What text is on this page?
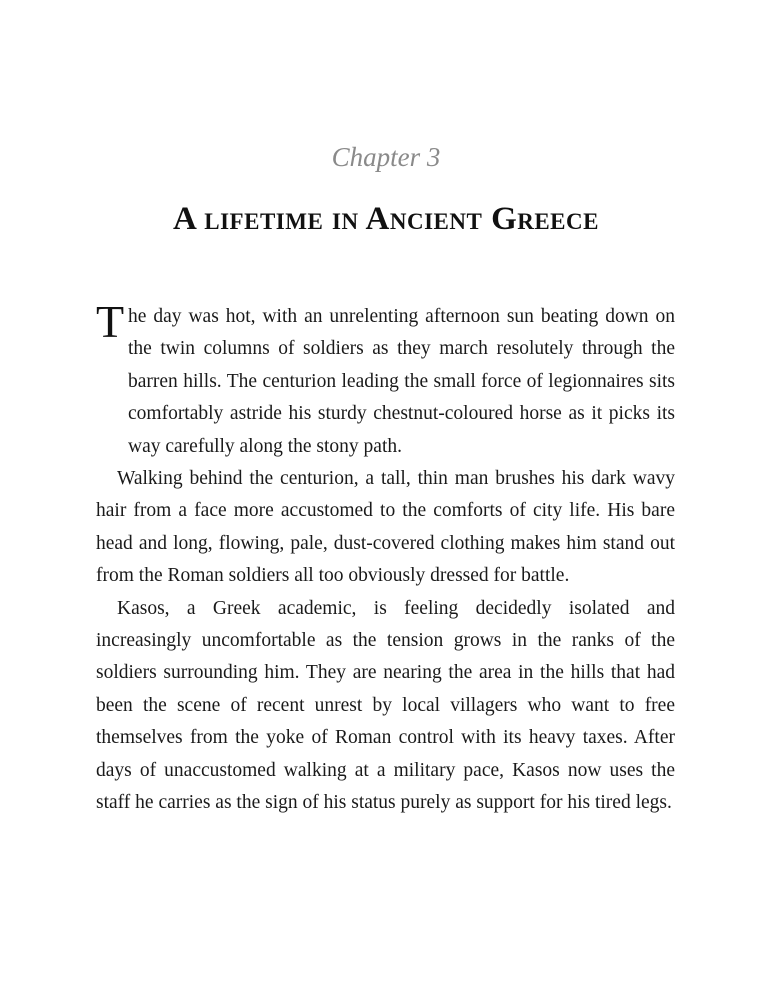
Chapter 3
A lifetime in Ancient Greece

T he day was hot, with an unrelenting afternoon sun beating down on the twin columns of soldiers as they march resolutely through the barren hills. The centurion leading the small force of legionnaires sits comfortably astride his sturdy chestnut-coloured horse as it picks its way carefully along the stony path.

Walking behind the centurion, a tall, thin man brushes his dark wavy hair from a face more accustomed to the comforts of city life. His bare head and long, flowing, pale, dust-covered clothing makes him stand out from the Roman soldiers all too obviously dressed for battle.

Kasos, a Greek academic, is feeling decidedly isolated and increasingly uncomfortable as the tension grows in the ranks of the soldiers surrounding him. They are nearing the area in the hills that had been the scene of recent unrest by local villagers who want to free themselves from the yoke of Roman control with its heavy taxes. After days of unaccustomed walking at a military pace, Kasos now uses the staff he carries as the sign of his status purely as support for his tired legs.
